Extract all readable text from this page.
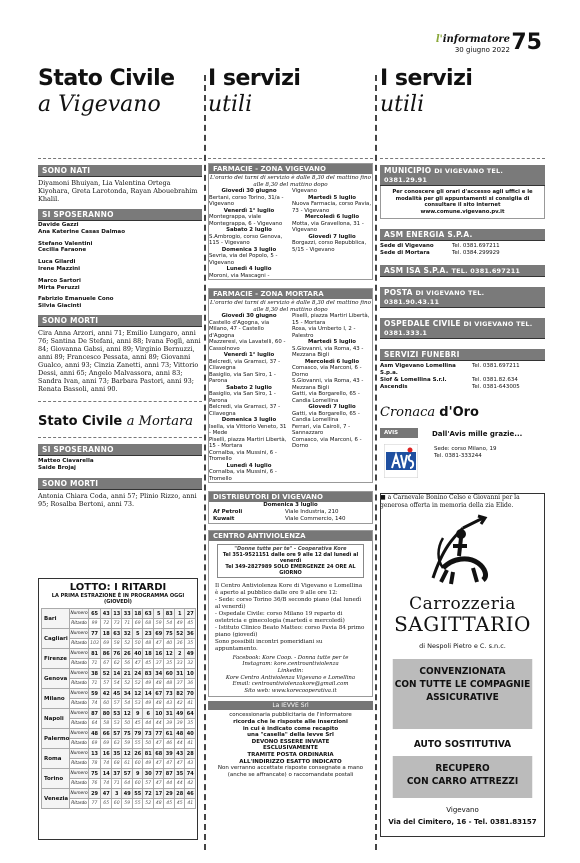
l'informatore
30 giugno 2022 75
Stato Civile
a Vigevano
SONO NATI
Diyamoni Bhuiyan, Lia Valentina Ortega Kiyohara, Greta Larotonda, Rayan Abouebrahim Khalil.
SI SPOSERANNO
Davide Gazzi
Ana Katerine Casas Dalmao
Stefano Valentini
Cecilia Faraone
Luca Gilardi
Irene Mazzini
Marco Sartori
Mirta Peruzzi
Fabrizio Emanuele Cono
Silvia Giacinti
SONO MORTI
Cira Anna Arzori, anni 71; Emilio Lungaro, anni 76; Santina De Stefani, anni 88; Ivana Foglì, anni 84; Giovanna Gabsi, anni 89; Virginio Bernuzzi, anni 89; Francesco Pessata, anni 89; Giovanni Gualco, anni 93; Cinzia Zanetti, anni 73; Vittorio Dessi, anni 65; Angelo Malvassora, anni 83; Sandra Ivan, anni 73; Barbara Pastori, anni 93; Renata Bassoli, anni 90.
Stato Civile a Mortara
SI SPOSERANNO
Matteo Ciavarella
Saide Brojaj
SONO MORTI
Antonia Chiara Coda, anni 57; Plinio Rizzo, anni 95; Rosalba Bertoni, anni 73.
LOTTO: I RITARDI
LA PRIMA ESTRAZIONE È IN PROGRAMMA OGGI (GIOVEDÌ)
Bari	Numero	65	43	13	33	18	63	5	83	1	27
	Ritardo	99	72	73	71	69	68	59	54	49	45
Cagliari	Numero	77	18	63	32	5	23	69	75	52	36
	Ritardo	103	69	58	52	50	48	47	40	36	35
Firenze	Numero	81	86	76	26	40	18	16	12	2	49
	Ritardo	71	67	62	56	47	45	37	35	33	32
Genova	Numero	38	52	14	21	24	83	34	60	31	10
	Ritardo	71	57	54	52	52	49	48	48	37	36
Milano	Numero	59	42	45	34	12	14	67	73	82	70
	Ritardo	74	60	57	54	53	49	48	43	42	41
Napoli	Numero	87	80	53	12	9	6	10	31	49	64
	Ritardo	64	58	53	50	45	44	44	39	39	35
Palermo	Numero	48	66	57	75	79	73	77	61	48	40
	Ritardo	69	69	63	59	55	50	47	46	44	41
Roma	Numero	13	16	35	12	26	81	68	39	43	28
	Ritardo	78	74	68	61	60	49	47	47	47	43
Torino	Numero	75	14	37	57	9	30	77	87	35	74
	Ritardo	76	74	71	64	60	57	47	44	44	42
Venezia	Numero	29	47	3	49	55	72	17	29	28	46
	Ritardo	77	65	60	59	55	52	48	45	45	41
I servizi
utili
FARMACIE - ZONA VIGEVANO
L'orario dei turni di servizio è dalle 8,30 del mattino fino alle 8,30 del mattino dopo
Giovedì 30 giugno
Bertani, corso Torino, 31/a - Vigevano
Venerdì 1° luglio
Montegrappa, viale Montegrappa, 6 - Vigevano
Sabato 2 luglio
S.Ambrogio, corso Genova, 115 - Vigevano
Domenica 3 luglio
Sevria, via del Popolo, 5 - Vigevano
Lunedì 4 luglio
Moroni, via Mascagni -
Vigevano
Martedì 5 luglio
Nuova Farmacia, corso Pavia, 73 - Vigevano
Mercoledì 6 luglio
Motta, via Gravellona, 31 - Vigevano
Giovedì 7 luglio
Borgazzi, corso Repubblica, 5/15 - Vigevano
FARMACIE - ZONA MORTARA
L'orario dei turni di servizio è dalle 8,30 del mattino fino alle 8,30 del mattino dopo
Giovedì 30 giugno
Castello d'Agogna, via Milano, 47 - Castello d'Agogna
Mazzeresi, via Lavatelli, 60 - Cassolnovo
Venerdì 1° luglio
Belcredi, via Gramsci, 37 - Cilavegna
Basiglio, via San Siro, 1 - Parona
Sabato 2 luglio
Basiglio, via San Siro, 1 - Parona
Belcredi, via Gramsci, 37 - Cilavegna
Domenica 3 luglio
Isella, via Vittorio Veneto, 31 - Mede
Pisellì, piazza Martiri Libertà, 15 - Mortara
Cornalba, via Mussini, 6 - Tromello
Lunedì 4 luglio
Cornalba, via Mussini, 6 - Tromello
Pisellì, piazza Martiri Libertà, 15 - Mortara
Rosa, via Umberto I, 2 - Palestro
Martedì 5 luglio
S.Giovanni, via Roma, 43 - Mezzana Bigli
Mercoledì 6 luglio
Comasco, via Marconi, 6 - Dorno
S.Giovanni, via Roma, 43 - Mezzana Bigli
Gatti, via Borgarello, 65 - Candia Lomellina
Giovedì 7 luglio
Gatti, via Borgarello, 65 - Candia Lomellina
Ferrari, via Cairoli, 7 - Sannazzaro
Comasco, via Marconi, 6 - Dorno
DISTRIBUTORI DI VIGEVANO
Domenica 3 luglio
Af Petroli	Viale Industria, 210
Kuwait	Viale Commercio, 140
CENTRO ANTIVIOLENZA
"Donne tutte per te" - Cooperativa Kore
Tel 351-9521151 dalle ore 9 alle 12 dal lunedì al venerdì
Tel 349-2827989 SOLO EMERGENZE 24 ORE AL GIORNO
Il Centro Antiviolenza Kore di Vigevano e Lomellina è aperto al pubblico dalle ore 9 alle ore 12:
- Sede: corso Torino 36/B secondo piano (dal lunedì al venerdì)
- Ospedale Civile: corso Milano 19 reparto di ostetricia e ginecologia (martedì e mercoledì)
- Istituto Clinico Beato Matteo: corso Pavia 84 primo piano (giovedì)
Sono possibili incontri pomeridiani su appuntamento.
Facebook: Kore Coop. - Donna tutte per te
Instagram: kore.centroantiviolenza
Linkedin:
Kore Centro Antiviolenza Vigevano e Lomellina
Email: centroantiviolenzakore@gmail.com
Sito web: www.korecooperativa.it
La IEVVE Srl
concessionaria pubblicitaria de l'informatore
ricorda che le risposte alle inserzioni
in cui è indicato come recapito
una "casella" della Ievve Srl
DEVONO ESSERE INVIATE
ESCLUSIVAMENTE
TRAMITE POSTA ORDINARIA
ALL'INDIRIZZO ESATTO INDICATO
Non verranno accettate risposte consegnate a mano
(anche se affrancate) o raccomandate postali
I servizi
utili
MUNICIPIO DI VIGEVANO TEL. 0381.29.91
Per conoscere gli orari d'accesso agli uffici e le modalità per gli appuntamenti si consiglia di consultare il sito internet www.comune.vigevano.pv.it
ASM ENERGIA S.P.A.
Sede di Vigevano	Tel. 0381.697211
Sede di Mortara	Tel. 0384.299929
ASM ISA S.P.A. TEL. 0381.697211
POSTA DI VIGEVANO TEL. 0381.90.43.11
OSPEDALE CIVILE DI VIGEVANO TEL. 0381.333.1
SERVIZI FUNEBRI
Asm Vigevano Lomellina S.p.a.
Tel. 0381.697211
Siof & Lomellina S.r.l.	Tel. 0381.82.634
Ascendis	Tel. 0381-643005
Cronaca d'Oro
AVIS	Dall'Avis mille grazie...
Sede: corso Milano, 19
Tel. 0381-333244
■ a Carnevale Bonino Celso e Giovanni per la generosa offerta in memoria della zia Elide.
Carrozzeria
SAGITTARIO
di Nespoli Pietro e C. s.n.c.
CONVENZIONATA
CON TUTTE LE COMPAGNIE
ASSICURATIVE
AUTO SOSTITUTIVA
RECUPERO
CON CARRO ATTREZZI
Vigevano
Via del Cimitero, 16 - Tel. 0381.83157
